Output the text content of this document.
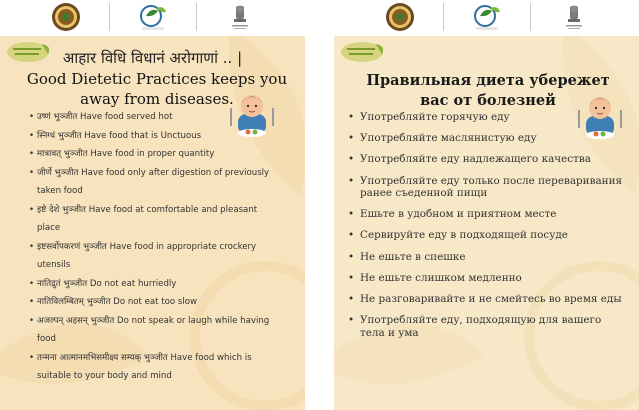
आहार विधि विधानं अरोगाणां .. |
Good Dietetic Practices keeps you away from diseases.
• उष्णं भुञ्जीत Have food served hot
• स्निग्धं भुञ्जीत Have food that is Unctuous
• मात्रावत् भुञ्जीत Have food in proper quantity
• जीर्णे भुञ्जीत Have food only after digestion of previously taken food
• इष्टे देशे भुञ्जीत Have food at comfortable and pleasant place
• इष्टसर्वोपकरणं भुञ्जीत Have food in appropriate crockery utensils
• नातिद्रुतं भुञ्जीत Do not eat hurriedly
• नातिविलम्बितम् भुञ्जीत Do not eat too slow
• अजल्पन् अहसन् भुञ्जीत Do not speak or laugh while having food
• तन्मना आत्मानमभिसमीक्ष्य सम्यक् भुञ्जीत Have food which is suitable to your body and mind
Правильная диета убережет вас от болезней
• Употребляйте горячую еду
• Употребляйте маслянистую еду
• Употребляйте еду надлежащего качества
• Употребляйте еду только после переваривания ранее съеденной пищи
• Ешьте в удобном и приятном месте
• Сервируйте еду в подходящей посуде
• Не ешьте в спешке
• Не ешьте слишком медленно
• Не разговаривайте и не смейтесь во время еды
• Употребляйте еду, подходящую для вашего тела и ума
